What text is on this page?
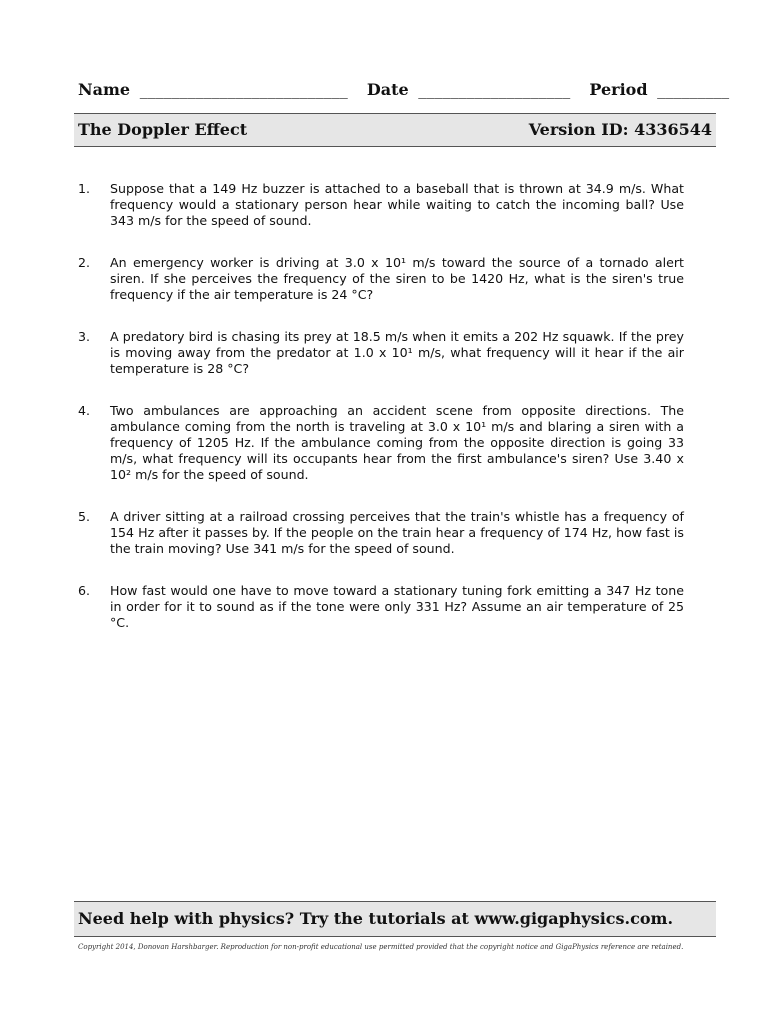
Name __________________________ Date ___________________ Period _________
The Doppler Effect	Version ID: 4336544
1.	Suppose that a 149 Hz buzzer is attached to a baseball that is thrown at 34.9 m/s. What frequency would a stationary person hear while waiting to catch the incoming ball? Use 343 m/s for the speed of sound.
2.	An emergency worker is driving at 3.0 x 10¹ m/s toward the source of a tornado alert siren. If she perceives the frequency of the siren to be 1420 Hz, what is the siren's true frequency if the air temperature is 24 °C?
3.	A predatory bird is chasing its prey at 18.5 m/s when it emits a 202 Hz squawk. If the prey is moving away from the predator at 1.0 x 10¹ m/s, what frequency will it hear if the air temperature is 28 °C?
4.	Two ambulances are approaching an accident scene from opposite directions. The ambulance coming from the north is traveling at 3.0 x 10¹ m/s and blaring a siren with a frequency of 1205 Hz. If the ambulance coming from the opposite direction is going 33 m/s, what frequency will its occupants hear from the first ambulance's siren? Use 3.40 x 10² m/s for the speed of sound.
5.	A driver sitting at a railroad crossing perceives that the train's whistle has a frequency of 154 Hz after it passes by. If the people on the train hear a frequency of 174 Hz, how fast is the train moving? Use 341 m/s for the speed of sound.
6.	How fast would one have to move toward a stationary tuning fork emitting a 347 Hz tone in order for it to sound as if the tone were only 331 Hz? Assume an air temperature of 25 °C.
Need help with physics? Try the tutorials at www.gigaphysics.com.
Copyright 2014, Donovan Harshbarger. Reproduction for non-profit educational use permitted provided that the copyright notice and GigaPhysics reference are retained.
